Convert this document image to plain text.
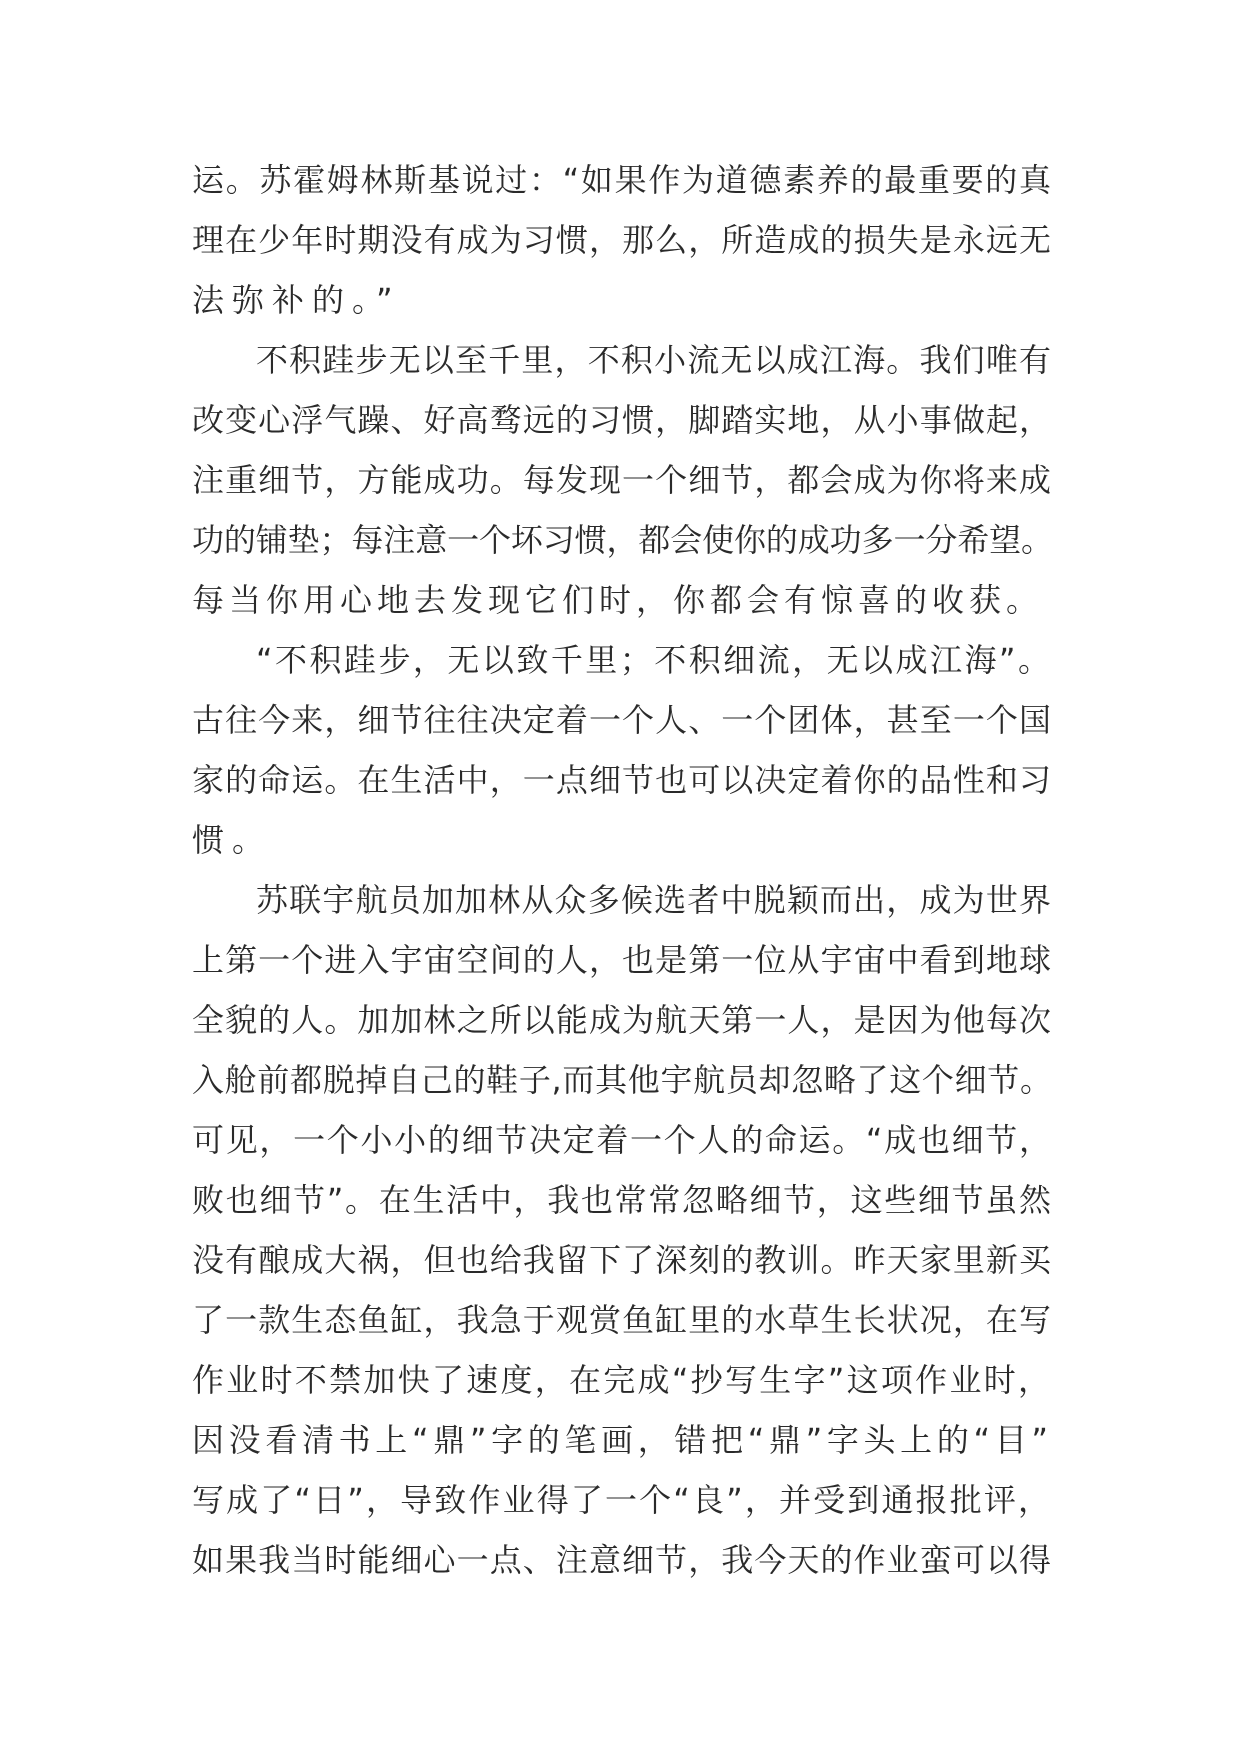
运。苏霍姆林斯基说过：“如果作为道德素养的最重要的真
理在少年时期没有成为习惯，那么，所造成的损失是永远无
法弥补的。”
不积跬步无以至千里，不积小流无以成江海。我们唯有
改变心浮气躁、好高骛远的习惯，脚踏实地，从小事做起，
注重细节，方能成功。每发现一个细节，都会成为你将来成
功的铺垫；每注意一个坏习惯，都会使你的成功多一分希望。
每当你用心地去发现它们时，你都会有惊喜的收获。
“不积跬步，无以致千里；不积细流，无以成江海”。
古往今来，细节往往决定着一个人、一个团体，甚至一个国
家的命运。在生活中，一点细节也可以决定着你的品性和习
惯。
苏联宇航员加加林从众多候选者中脱颖而出，成为世界
上第一个进入宇宙空间的人，也是第一位从宇宙中看到地球
全貌的人。加加林之所以能成为航天第一人，是因为他每次
入舱前都脱掉自己的鞋子,而其他宇航员却忽略了这个细节。
可见，一个小小的细节决定着一个人的命运。“成也细节，
败也细节”。在生活中，我也常常忽略细节，这些细节虽然
没有酿成大祸，但也给我留下了深刻的教训。昨天家里新买
了一款生态鱼缸，我急于观赏鱼缸里的水草生长状况，在写
作业时不禁加快了速度，在完成“抄写生字”这项作业时，
因没看清书上“鼎”字的笔画，错把“鼎”字头上的“目”
写成了“日”，导致作业得了一个“良”，并受到通报批评，
如果我当时能细心一点、注意细节，我今天的作业蛮可以得
